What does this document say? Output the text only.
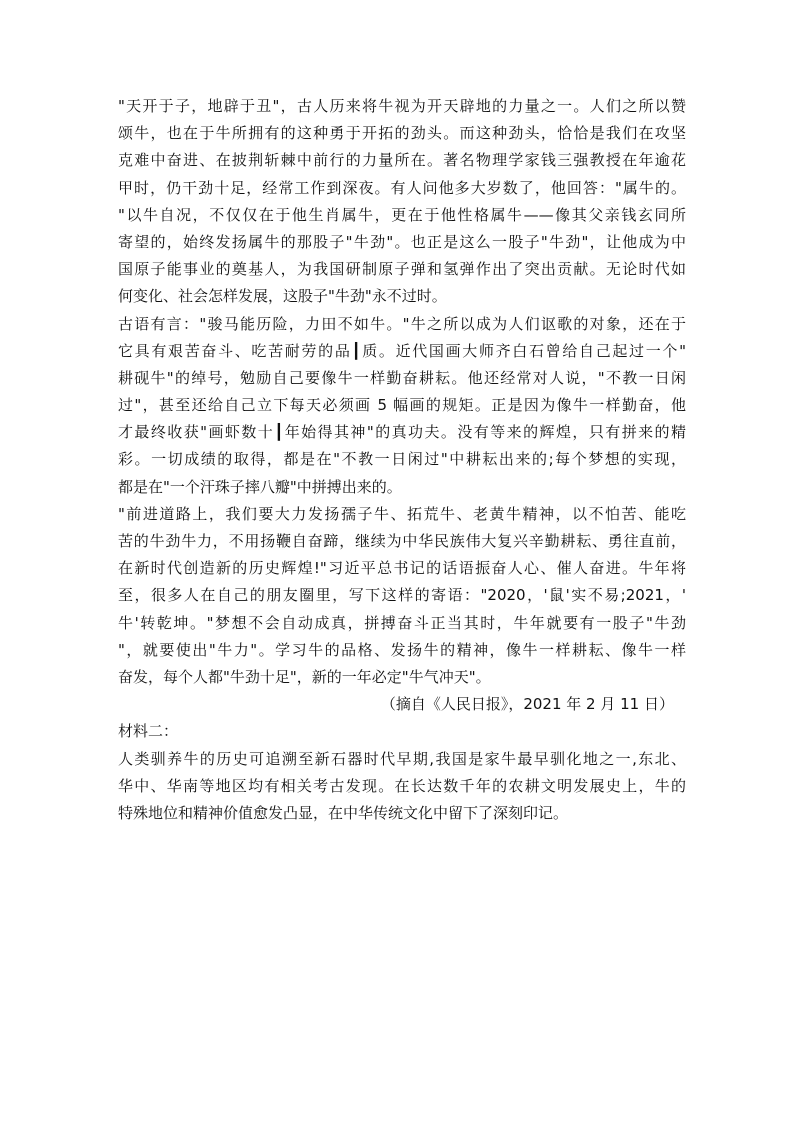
"天开于子，地辟于丑"，古人历来将牛视为开天辟地的力量之一。人们之所以赞
颂牛，也在于牛所拥有的这种勇于开拓的劲头。而这种劲头，恰恰是我们在攻坚
克难中奋进、在披荆斩棘中前行的力量所在。著名物理学家钱三强教授在年逾花
甲时，仍干劲十足，经常工作到深夜。有人问他多大岁数了，他回答："属牛的。
"以牛自况，不仅仅在于他生肖属牛，更在于他性格属牛——像其父亲钱玄同所
寄望的，始终发扬属牛的那股子"牛劲"。也正是这么一股子"牛劲"，让他成为中
国原子能事业的奠基人，为我国研制原子弹和氢弹作出了突出贡献。无论时代如
何变化、社会怎样发展，这股子"牛劲"永不过时。
古语有言："骏马能历险，力田不如牛。"牛之所以成为人们讴歌的对象，还在于
它具有艰苦奋斗、吃苦耐劳的品┃质。近代国画大师齐白石曾给自己起过一个"
耕砚牛"的绰号，勉励自己要像牛一样勤奋耕耘。他还经常对人说，"不教一日闲
过"，甚至还给自己立下每天必须画 5 幅画的规矩。正是因为像牛一样勤奋，他
才最终收获"画虾数十┃年始得其神"的真功夫。没有等来的辉煌，只有拼来的精
彩。一切成绩的取得，都是在"不教一日闲过"中耕耘出来的;每个梦想的实现，
都是在"一个汗珠子摔八瓣"中拼搏出来的。
"前进道路上，我们要大力发扬孺子牛、拓荒牛、老黄牛精神，以不怕苦、能吃
苦的牛劲牛力，不用扬鞭自奋蹄，继续为中华民族伟大复兴辛勤耕耘、勇往直前，
在新时代创造新的历史辉煌!"习近平总书记的话语振奋人心、催人奋进。牛年将
至，很多人在自己的朋友圈里，写下这样的寄语："2020，'鼠'实不易;2021，'
牛'转乾坤。"梦想不会自动成真，拼搏奋斗正当其时，牛年就要有一股子"牛劲
"，就要使出"牛力"。学习牛的品格、发扬牛的精神，像牛一样耕耘、像牛一样
奋发，每个人都"牛劲十足"，新的一年必定"牛气冲天"。
（摘自《人民日报》，2021 年 2 月 11 日）
材料二：
人类驯养牛的历史可追溯至新石器时代早期,我国是家牛最早驯化地之一,东北、
华中、华南等地区均有相关考古发现。在长达数千年的农耕文明发展史上，牛的
特殊地位和精神价值愈发凸显，在中华传统文化中留下了深刻印记。
